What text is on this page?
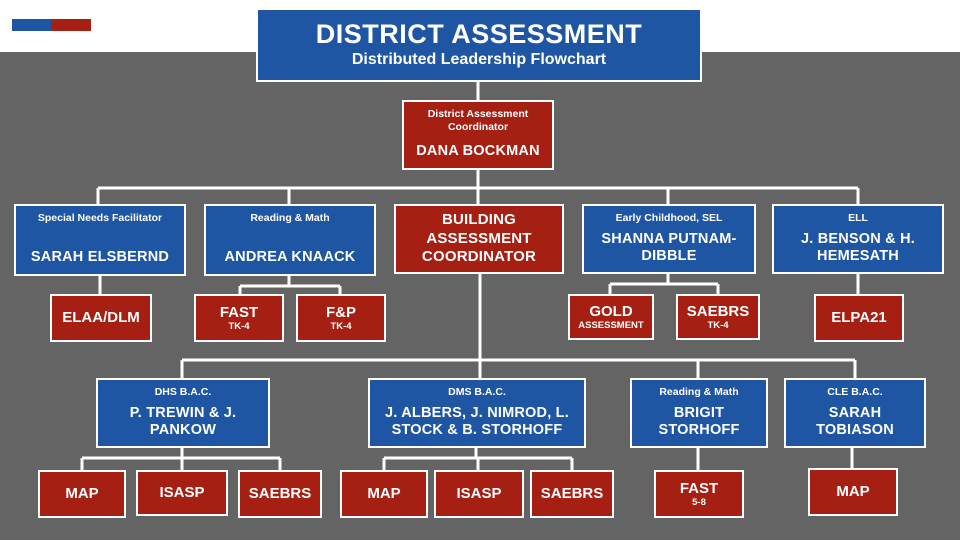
DISTRICT ASSESSMENT
Distributed Leadership Flowchart
District Assessment Coordinator
DANA BOCKMAN
Special Needs Facilitator
SARAH ELSBERND
Reading & Math
ANDREA KNAACK
BUILDING ASSESSMENT COORDINATOR
Early Childhood, SEL
SHANNA PUTNAM-DIBBLE
ELL
J. BENSON & H. HEMESATH
ELAA/DLM	FAST
TK-4
F&P
TK-4
GOLD
ASSESSMENT
SAEBRS
TK-4	ELPA21
DHS B.A.C.
P. TREWIN & J. PANKOW
DMS B.A.C.
J. ALBERS, J. NIMROD, L. STOCK & B. STORHOFF
Reading & Math
BRIGIT STORHOFF
CLE B.A.C.
SARAH TOBIASON
MAP	ISASP	SAEBRS	MAP	ISASP	SAEBRS	FAST
5-8
MAP
